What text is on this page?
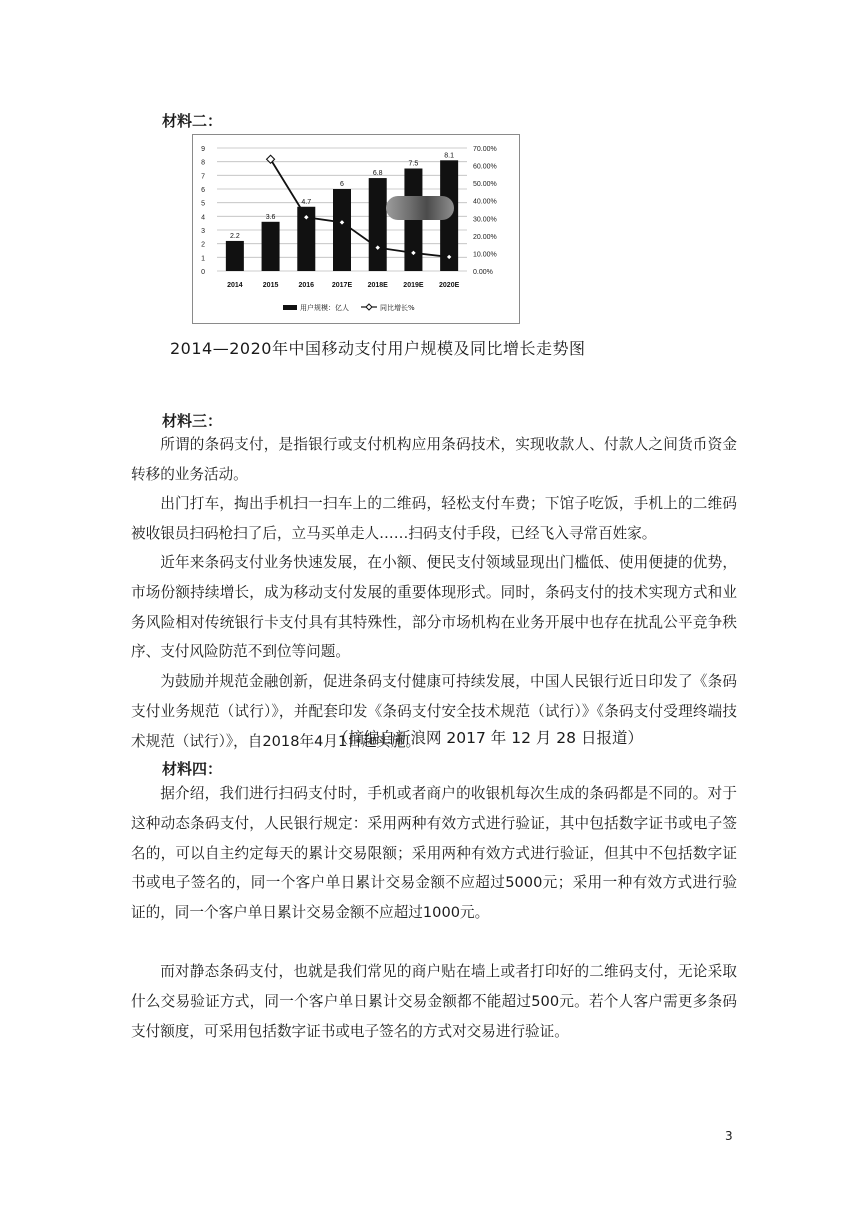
材料二：
0
1
2
3
4
5
6
7
8
9
0.00%
10.00%
20.00%
30.00%
40.00%
50.00%
60.00%
70.00%
2.2
2014
3.6
2015
4.7
2016
6
2017E
6.8
2018E
7.5
2019E
8.1
2020E
用户规模：亿人	同比增长%
2014—2020年中国移动支付用户规模及同比增长走势图
材料三：

所谓的条码支付，是指银行或支付机构应用条码技术，实现收款人、付款人之间货币资金转移的业务活动。

出门打车，掏出手机扫一扫车上的二维码，轻松支付车费；下馆子吃饭，手机上的二维码被收银员扫码枪扫了后，立马买单走人……扫码支付手段，已经飞入寻常百姓家。

近年来条码支付业务快速发展，在小额、便民支付领域显现出门槛低、使用便捷的优势，市场份额持续增长，成为移动支付发展的重要体现形式。同时，条码支付的技术实现方式和业务风险相对传统银行卡支付具有其特殊性，部分市场机构在业务开展中也存在扰乱公平竞争秩序、支付风险防范不到位等问题。

为鼓励并规范金融创新，促进条码支付健康可持续发展，中国人民银行近日印发了《条码支付业务规范（试行）》，并配套印发《条码支付安全技术规范（试行）》《条码支付受理终端技术规范（试行）》，自2018年4月1日起实施。

（摘编自新浪网 2017 年 12 月 28 日报道）
材料四：

据介绍，我们进行扫码支付时，手机或者商户的收银机每次生成的条码都是不同的。对于这种动态条码支付，人民银行规定：采用两种有效方式进行验证，其中包括数字证书或电子签名的，可以自主约定每天的累计交易限额；采用两种有效方式进行验证，但其中不包括数字证书或电子签名的，同一个客户单日累计交易金额不应超过5000元；采用一种有效方式进行验证的，同一个客户单日累计交易金额不应超过1000元。

而对静态条码支付，也就是我们常见的商户贴在墙上或者打印好的二维码支付，无论采取什么交易验证方式，同一个客户单日累计交易金额都不能超过500元。若个人客户需更多条码支付额度，可采用包括数字证书或电子签名的方式对交易进行验证。

3
